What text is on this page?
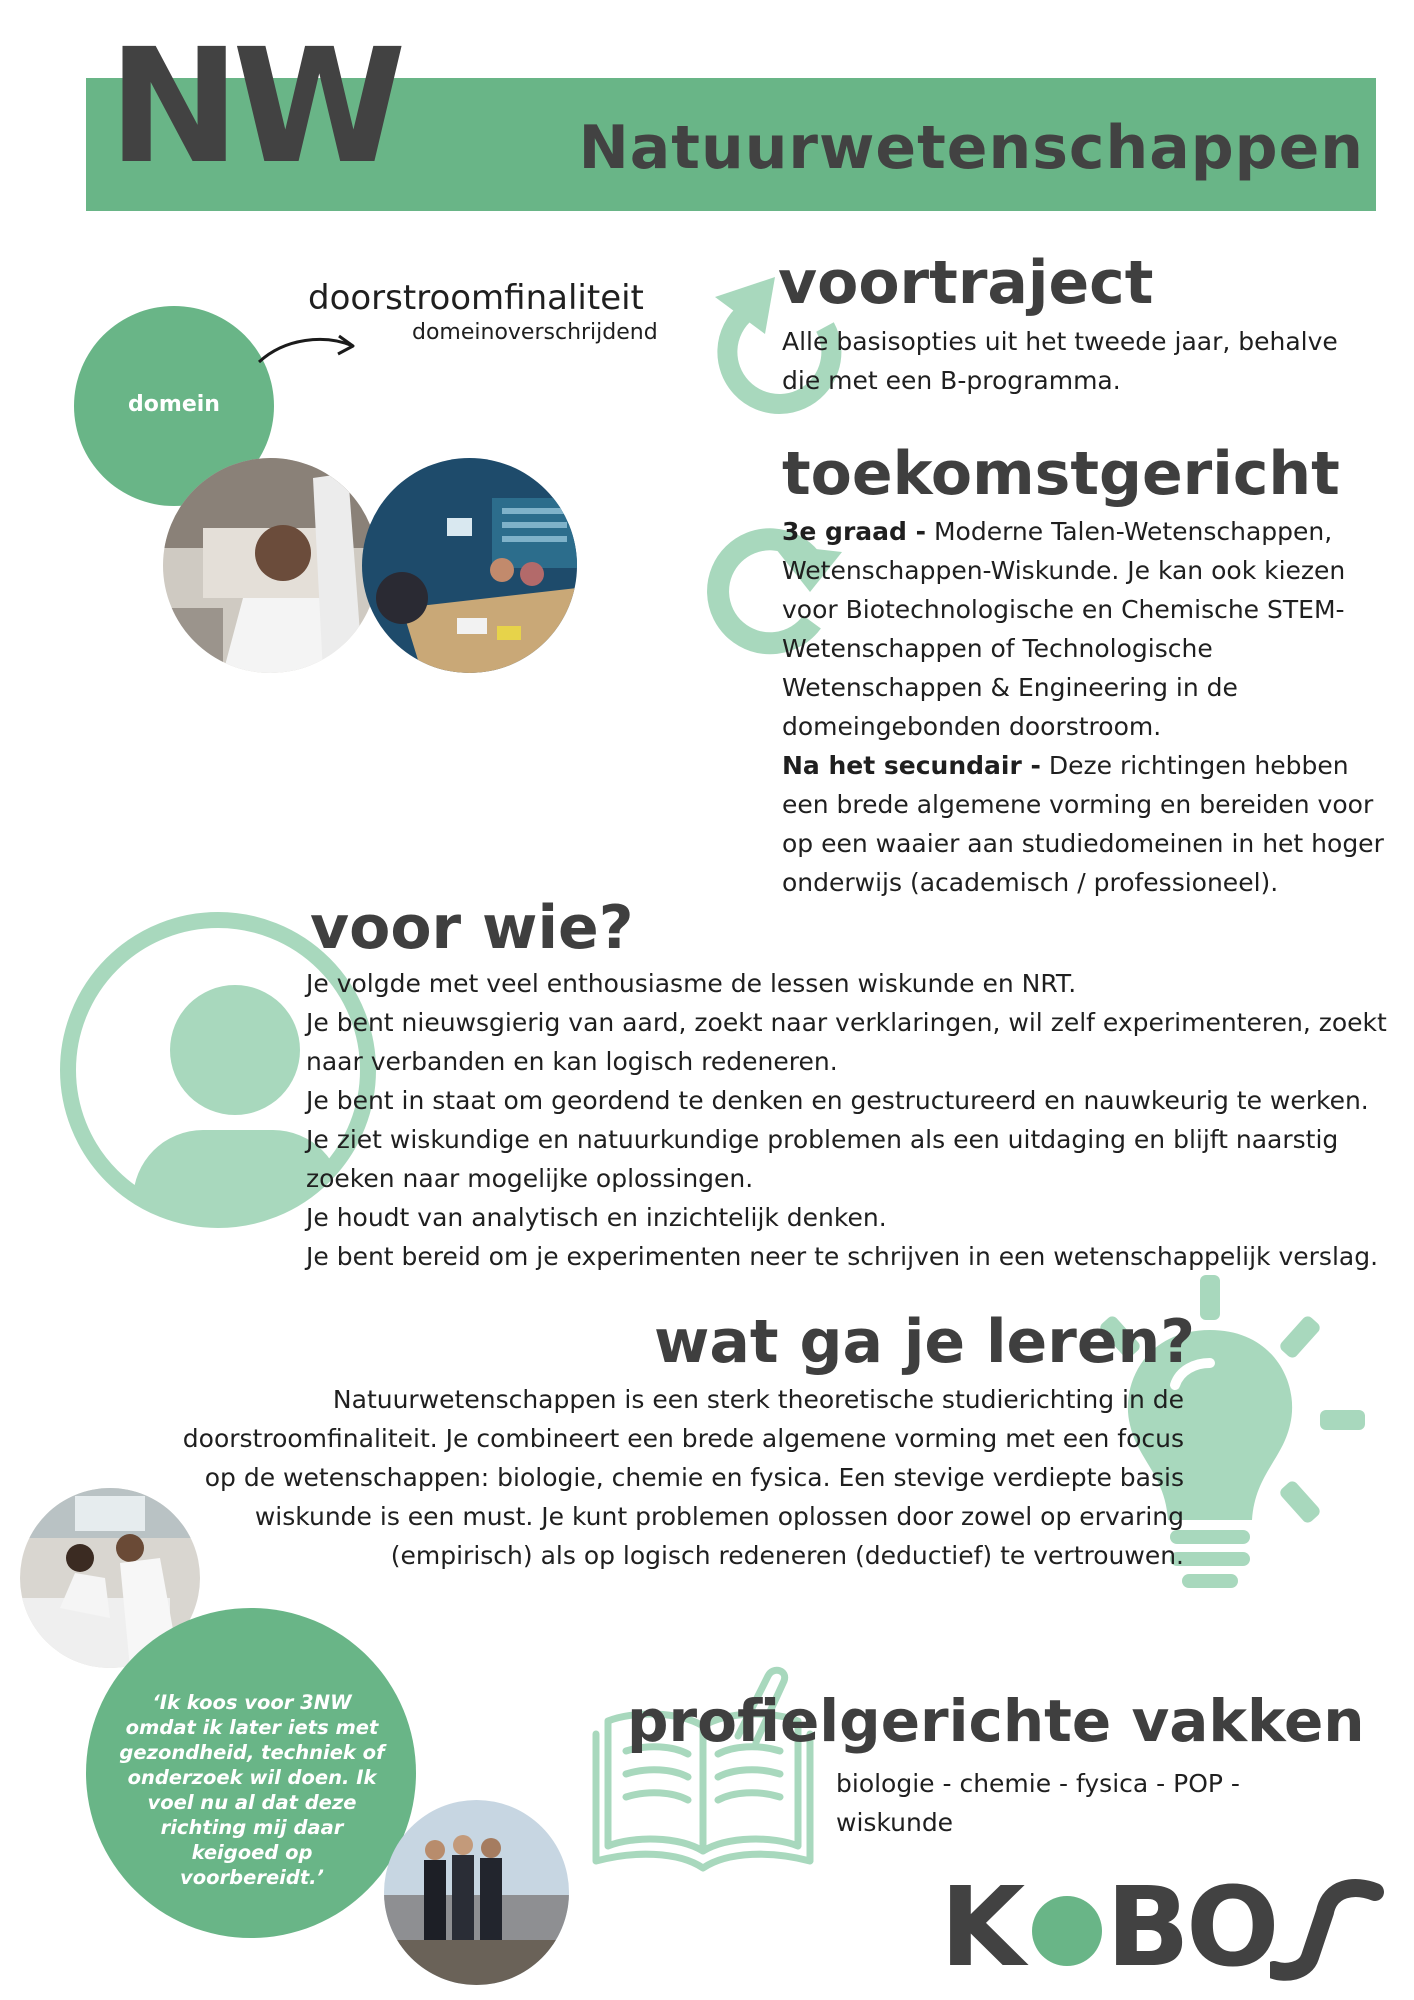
NW	Natuurwetenschappen
domein
doorstroomfinaliteit
domeinoverschrijdend
voortraject
Alle basisopties uit het tweede jaar, behalve die met een B-programma.
toekomstgericht
3e graad - Moderne Talen-Wetenschappen, Wetenschappen-Wiskunde. Je kan ook kiezen voor Biotechnologische en Chemische STEM-Wetenschappen of Technologische Wetenschappen & Engineering in de domeingebonden doorstroom.
Na het secundair - Deze richtingen hebben een brede algemene vorming en bereiden voor op een waaier aan studiedomeinen in het hoger onderwijs (academisch / professioneel).
voor wie?
Je volgde met veel enthousiasme de lessen wiskunde en NRT.
Je bent nieuwsgierig van aard, zoekt naar verklaringen, wil zelf experimenteren, zoekt
naar verbanden en kan logisch redeneren.
Je bent in staat om geordend te denken en gestructureerd en nauwkeurig te werken.
Je ziet wiskundige en natuurkundige problemen als een uitdaging en blijft naarstig
zoeken naar mogelijke oplossingen.
Je houdt van analytisch en inzichtelijk denken.
Je bent bereid om je experimenten neer te schrijven in een wetenschappelijk verslag.
wat ga je leren?
Natuurwetenschappen is een sterk theoretische studierichting in de
doorstroomfinaliteit. Je combineert een brede algemene vorming met een focus
op de wetenschappen: biologie, chemie en fysica. Een stevige verdiepte basis
wiskunde is een must. Je kunt problemen oplossen door zowel op ervaring
(empirisch) als op logisch redeneren (deductief) te vertrouwen.
‘Ik koos voor 3NW omdat ik later iets met gezondheid, techniek of onderzoek wil doen. Ik voel nu al dat deze richting mij daar keigoed op voorbereidt.’
profielgerichte vakken
biologie - chemie - fysica - POP -
wiskunde
K B
O
